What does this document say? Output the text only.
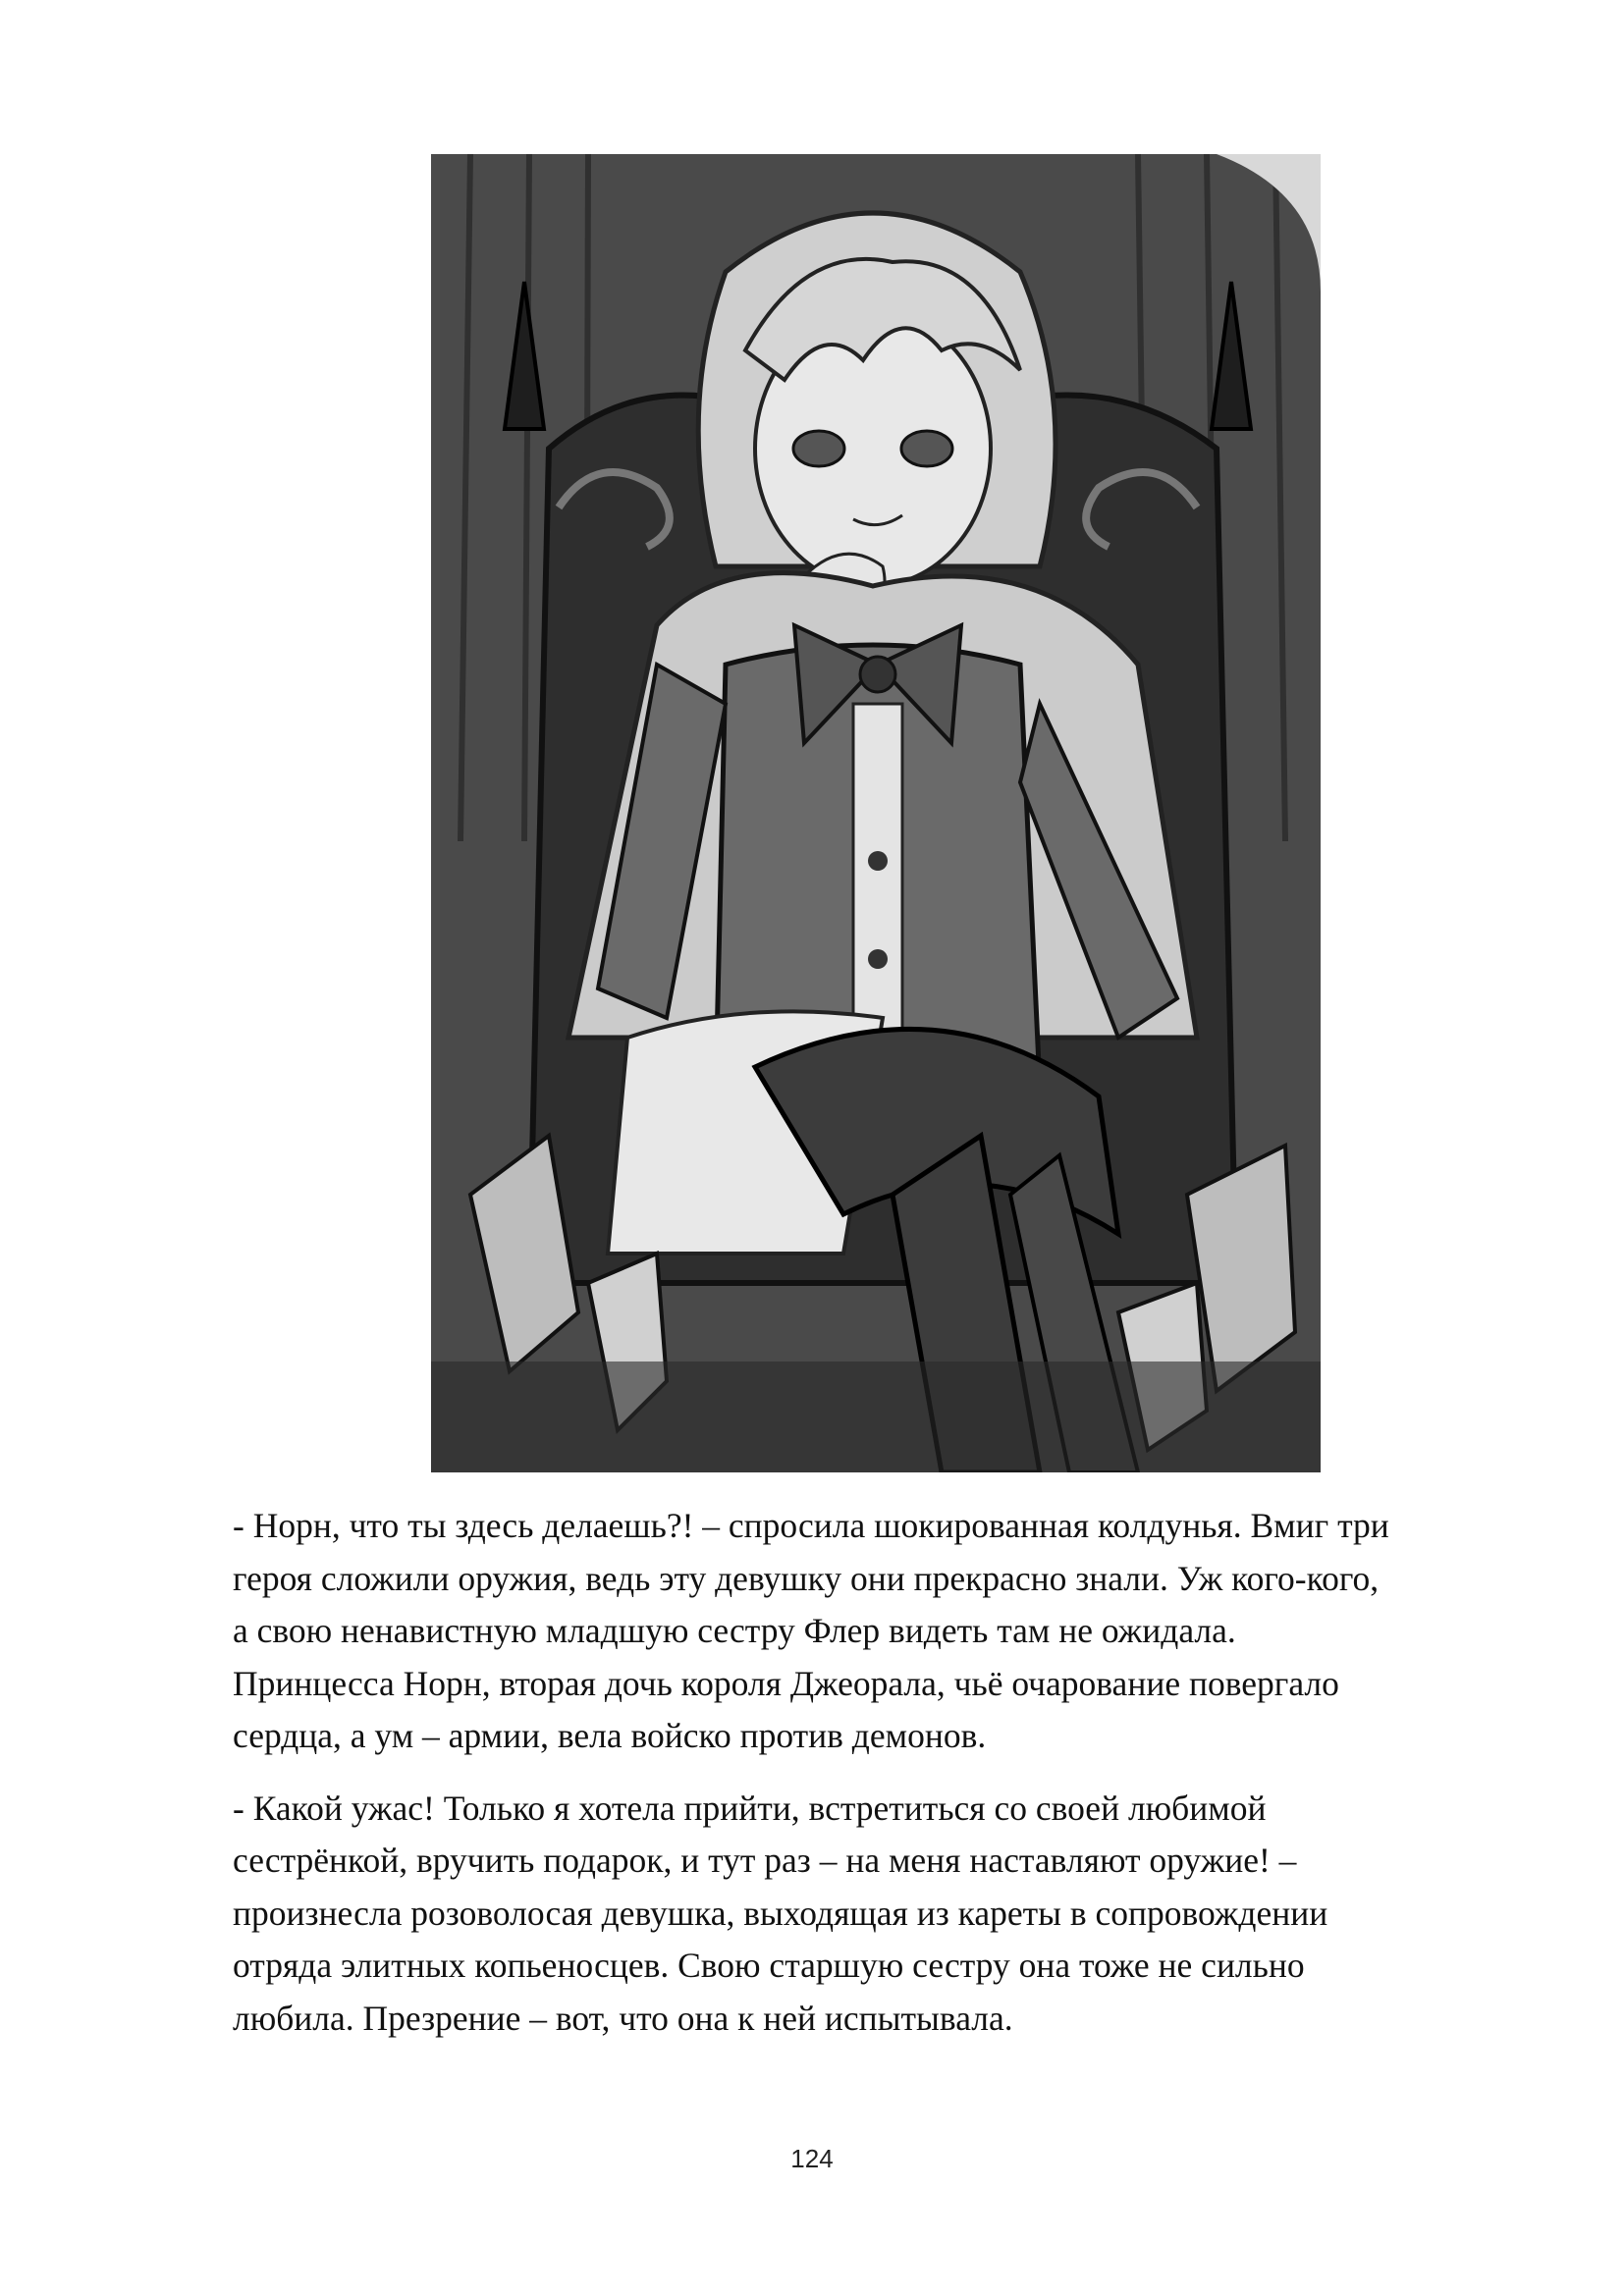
- Норн, что ты здесь делаешь?! – спросила шокированная колдунья. Вмиг три
героя сложили оружия, ведь эту девушку они прекрасно знали. Уж кого-кого,
а свою ненавистную младшую сестру Флер видеть там не ожидала.
Принцесса Норн, вторая дочь короля Джеорала, чьё очарование повергало
сердца, а ум – армии, вела войско против демонов.

- Какой ужас! Только я хотела прийти, встретиться со своей любимой
сестрёнкой, вручить подарок, и тут раз – на меня наставляют оружие! –
произнесла розоволосая девушка, выходящая из кареты в сопровождении
отряда элитных копьеносцев. Свою старшую сестру она тоже не сильно
любила. Презрение – вот, что она к ней испытывала.

124
